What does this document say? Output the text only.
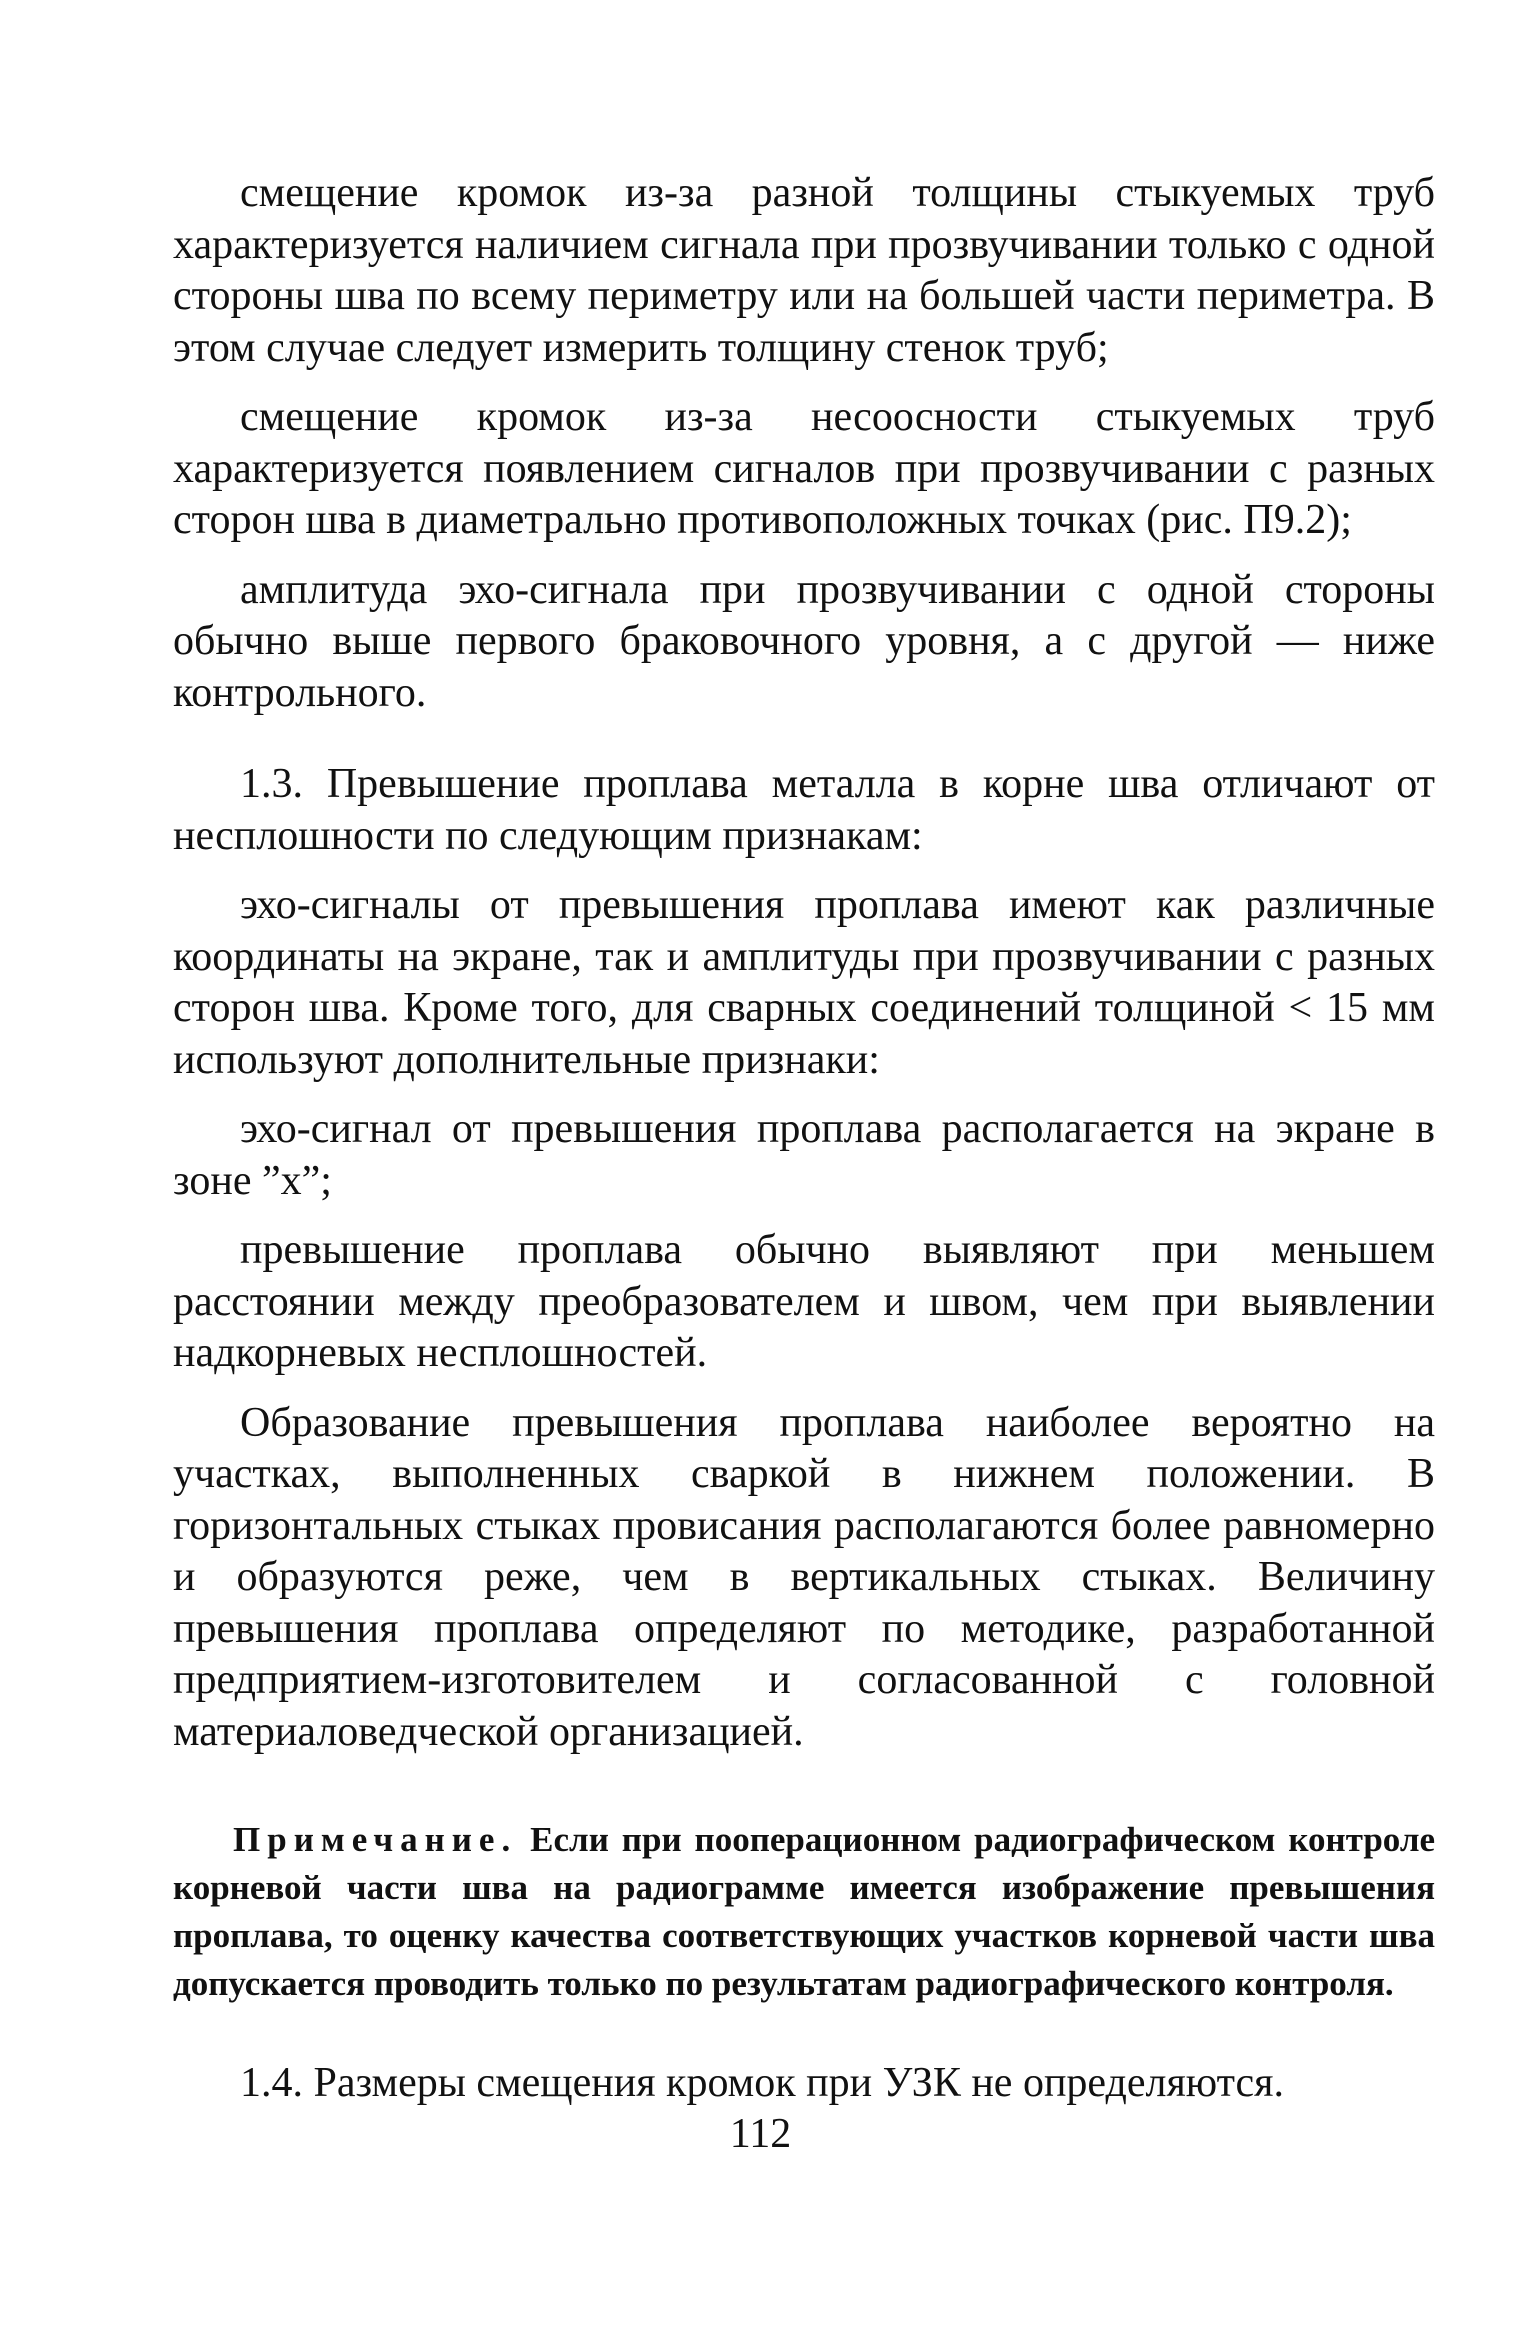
смещение кромок из-за разной толщины стыкуемых труб характеризуется наличием сигнала при прозвучивании только с одной стороны шва по всему периметру или на большей части периметра. В этом случае следует измерить толщину стенок труб;

смещение кромок из-за несоосности стыкуемых труб характеризуется появлением сигналов при прозвучивании с разных сторон шва в диаметрально противоположных точках (рис. П9.2);

амплитуда эхо-сигнала при прозвучивании с одной стороны обычно выше первого браковочного уровня, а с другой — ниже контрольного.

1.3. Превышение проплава металла в корне шва отличают от несплошности по следующим признакам:

эхо-сигналы от превышения проплава имеют как различные координаты на экране, так и амплитуды при прозвучивании с разных сторон шва. Кроме того, для сварных соединений толщиной < 15 мм используют дополнительные признаки:

эхо-сигнал от превышения проплава располагается на экране в зоне ”х”;

превышение проплава обычно выявляют при меньшем расстоянии между преобразователем и швом, чем при выявлении надкорневых несплошностей.

Образование превышения проплава наиболее вероятно на участках, выполненных сваркой в нижнем положении. В горизонтальных стыках провисания располагаются более равномерно и образуются реже, чем в вертикальных стыках. Величину превышения проплава определяют по методике, разработанной предприятием-изготовителем и согласованной с головной материаловедческой организацией.

Примечание. Если при пооперационном радиографическом контроле корневой части шва на радиограмме имеется изображение превышения проплава, то оценку качества соответствующих участков корневой части шва допускается проводить только по результатам радиографического контроля.

1.4. Размеры смещения кромок при УЗК не определяются.

112
